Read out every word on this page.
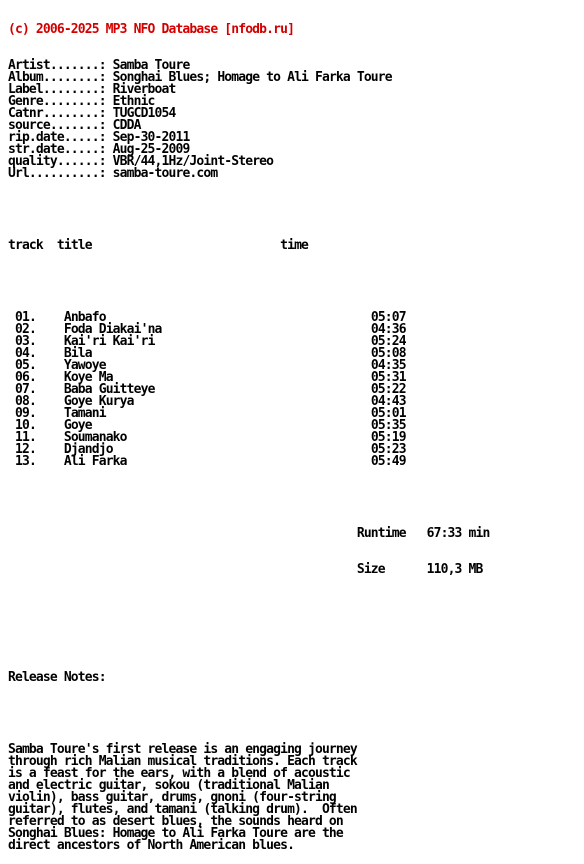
(c) 2006-2025 MP3 NFO Database [nfodb.ru]

Artist.......: Samba Toure
Album........: Songhai Blues; Homage to Ali Farka Toure
Label........: Riverboat
Genre........: Ethnic
Catnr........: TUGCD1054
source.......: CDDA
rip.date.....: Sep-30-2011
str.date.....: Aug-25-2009
quality......: VBR/44,1Hz/Joint-Stereo
Url..........: samba-toure.com

track title	time

01. Anbafo	05:07
02. Foda Diakai'na	04:36
03. Kai'ri Kai'ri	05:24
04. Bila	05:08
05. Yawoye	04:35
06. Koye Ma	05:31
07. Baba Guitteye	05:22
08. Goye Kurya	04:43
09. Tamani	05:01
10. Goye	05:35
11. Soumanako	05:19
12. Djandjo	05:23
13. Ali Farka	05:49

Runtime 67:33 min

Size	110,3 MB

Release Notes:

Samba Toure's first release is an engaging journey
through rich Malian musical traditions. Each track
is a feast for the ears, with a blend of acoustic
and electric guitar, sokou (traditional Malian
violin), bass guitar, drums, gnoni (four-string
guitar), flutes, and tamani (talking drum).  Often
referred to as desert blues, the sounds heard on
Songhai Blues: Homage to Ali Farka Toure are the
direct ancestors of North American blues.
